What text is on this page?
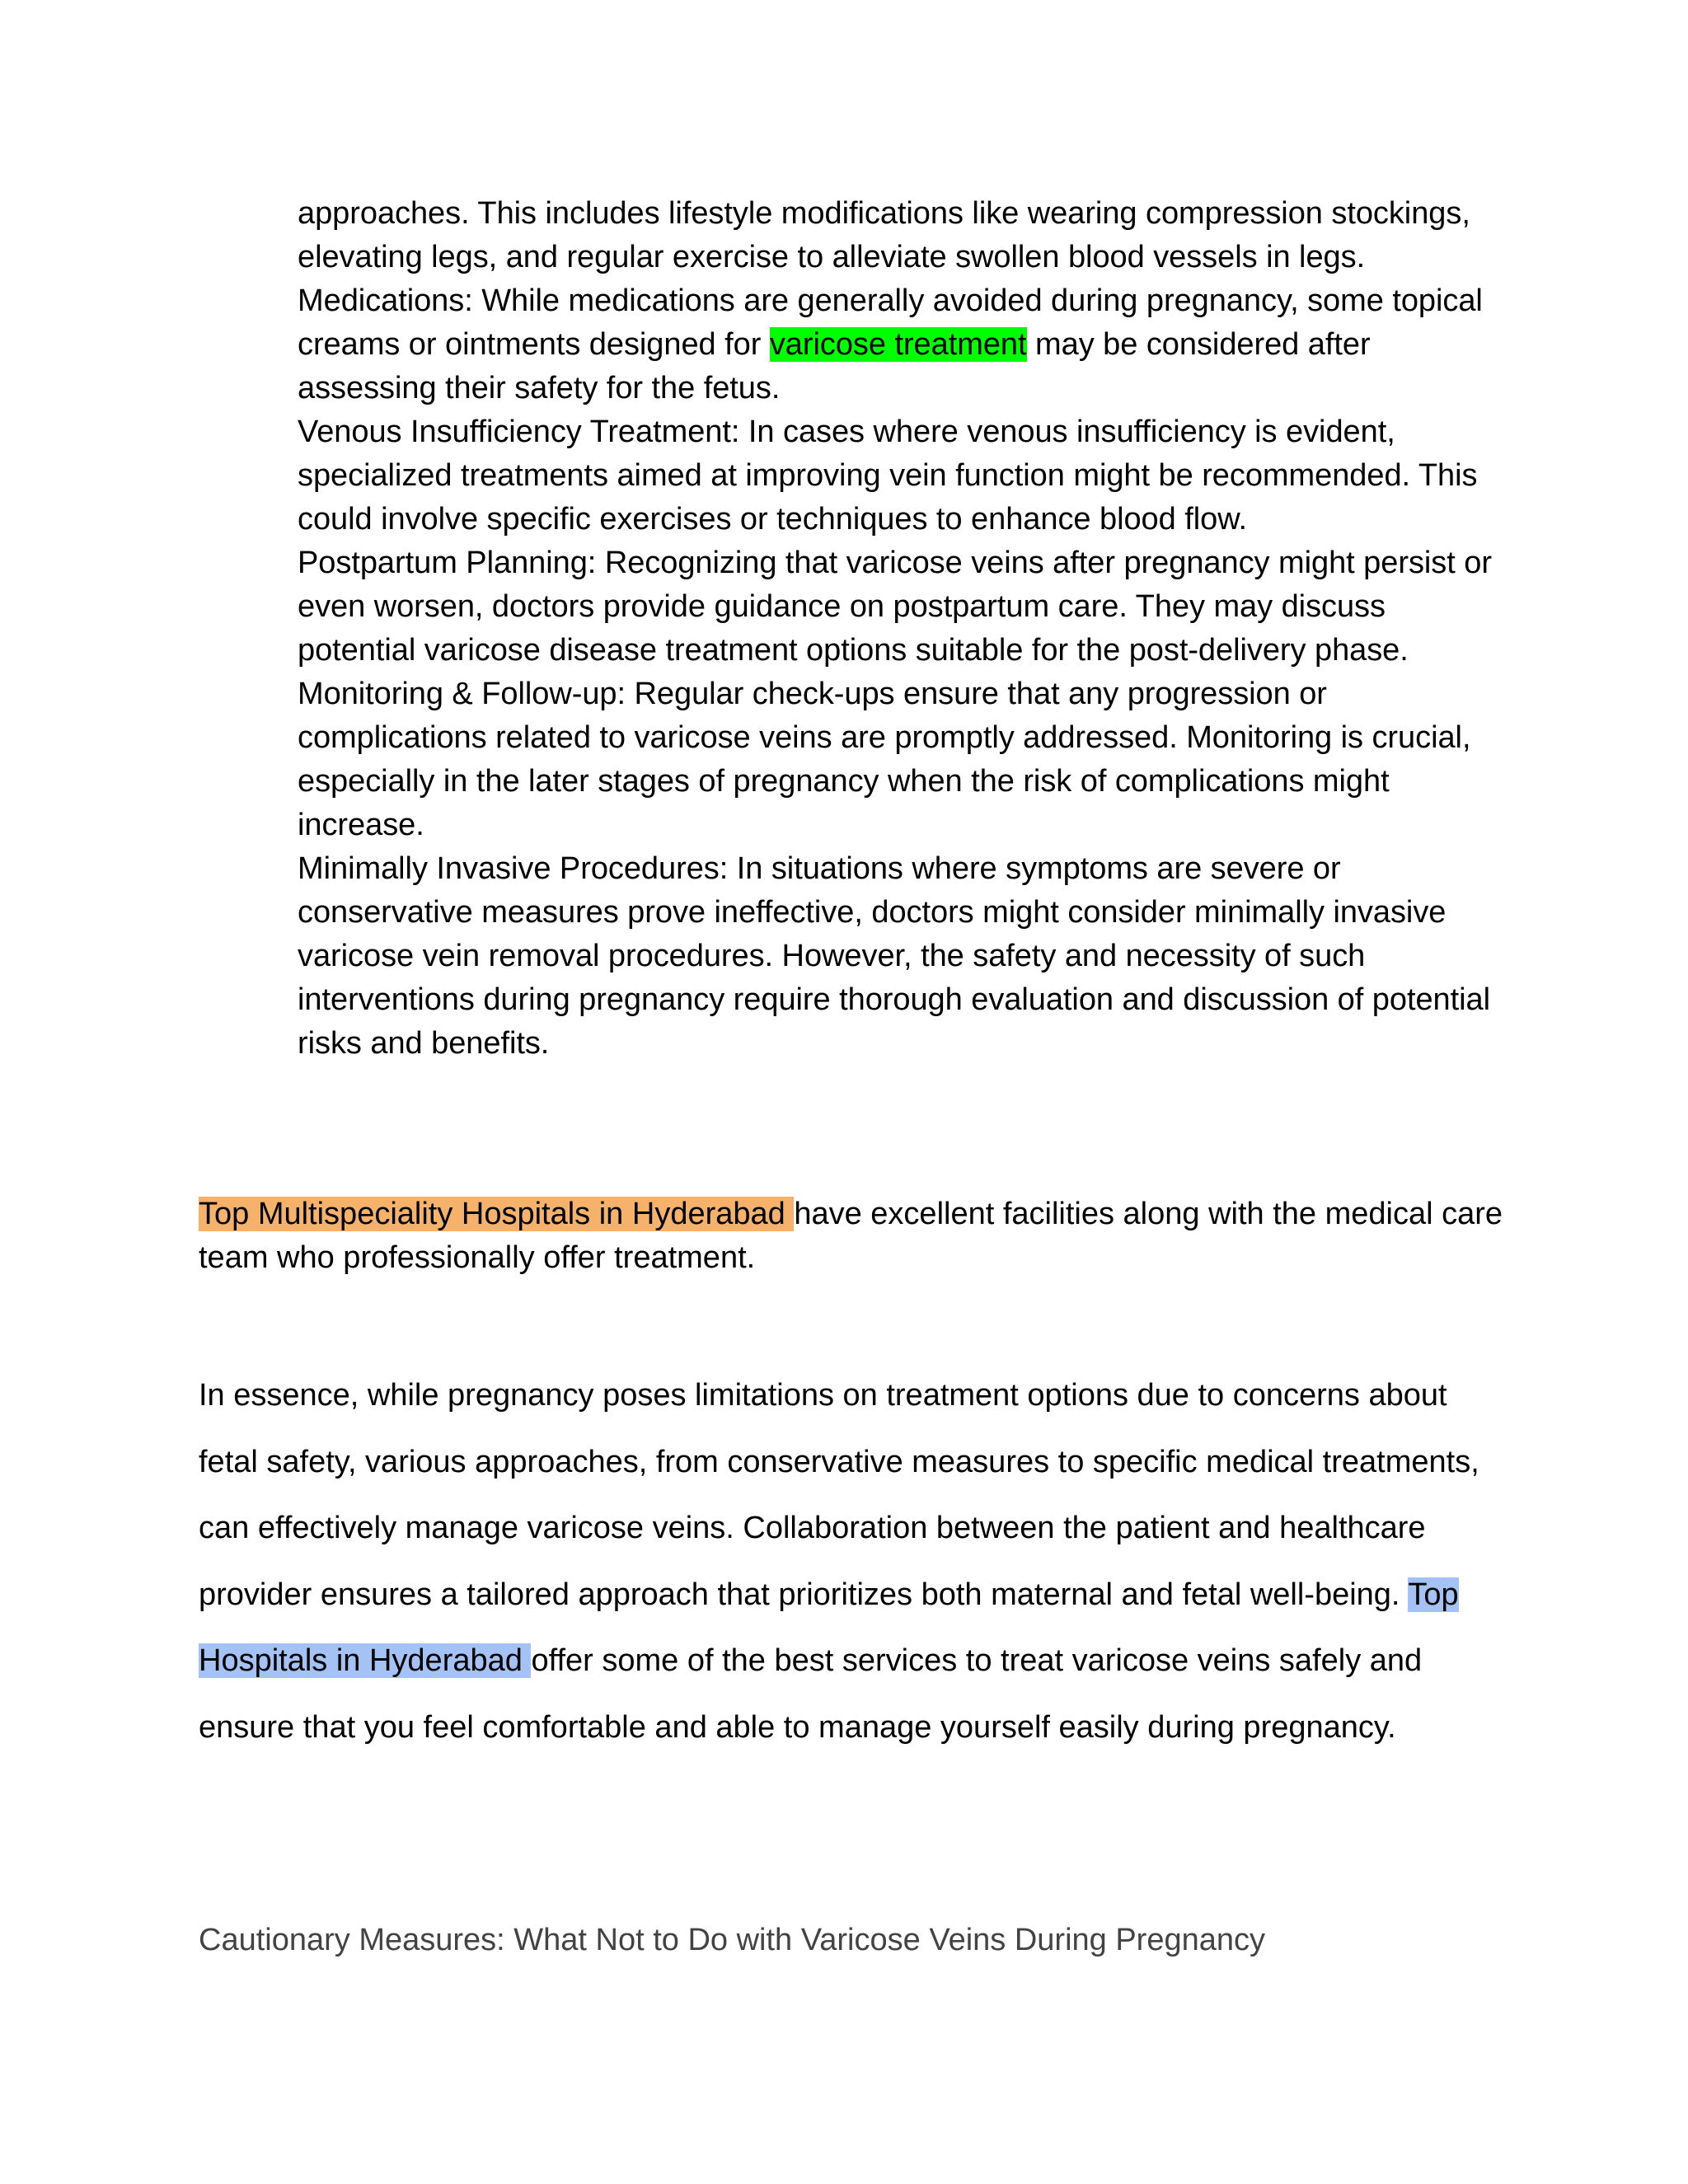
approaches. This includes lifestyle modifications like wearing compression stockings, elevating legs, and regular exercise to alleviate swollen blood vessels in legs.

Medications: While medications are generally avoided during pregnancy, some topical creams or ointments designed for varicose treatment may be considered after assessing their safety for the fetus.

Venous Insufficiency Treatment: In cases where venous insufficiency is evident, specialized treatments aimed at improving vein function might be recommended. This could involve specific exercises or techniques to enhance blood flow.

Postpartum Planning: Recognizing that varicose veins after pregnancy might persist or even worsen, doctors provide guidance on postpartum care. They may discuss potential varicose disease treatment options suitable for the post-delivery phase.

Monitoring & Follow-up: Regular check-ups ensure that any progression or complications related to varicose veins are promptly addressed. Monitoring is crucial, especially in the later stages of pregnancy when the risk of complications might increase.

Minimally Invasive Procedures: In situations where symptoms are severe or conservative measures prove ineffective, doctors might consider minimally invasive varicose vein removal procedures. However, the safety and necessity of such interventions during pregnancy require thorough evaluation and discussion of potential risks and benefits.

Top Multispeciality Hospitals in Hyderabad have excellent facilities along with the medical care team who professionally offer treatment.

In essence, while pregnancy poses limitations on treatment options due to concerns about fetal safety, various approaches, from conservative measures to specific medical treatments, can effectively manage varicose veins. Collaboration between the patient and healthcare provider ensures a tailored approach that prioritizes both maternal and fetal well-being. Top Hospitals in Hyderabad offer some of the best services to treat varicose veins safely and ensure that you feel comfortable and able to manage yourself easily during pregnancy.

Cautionary Measures: What Not to Do with Varicose Veins During Pregnancy
